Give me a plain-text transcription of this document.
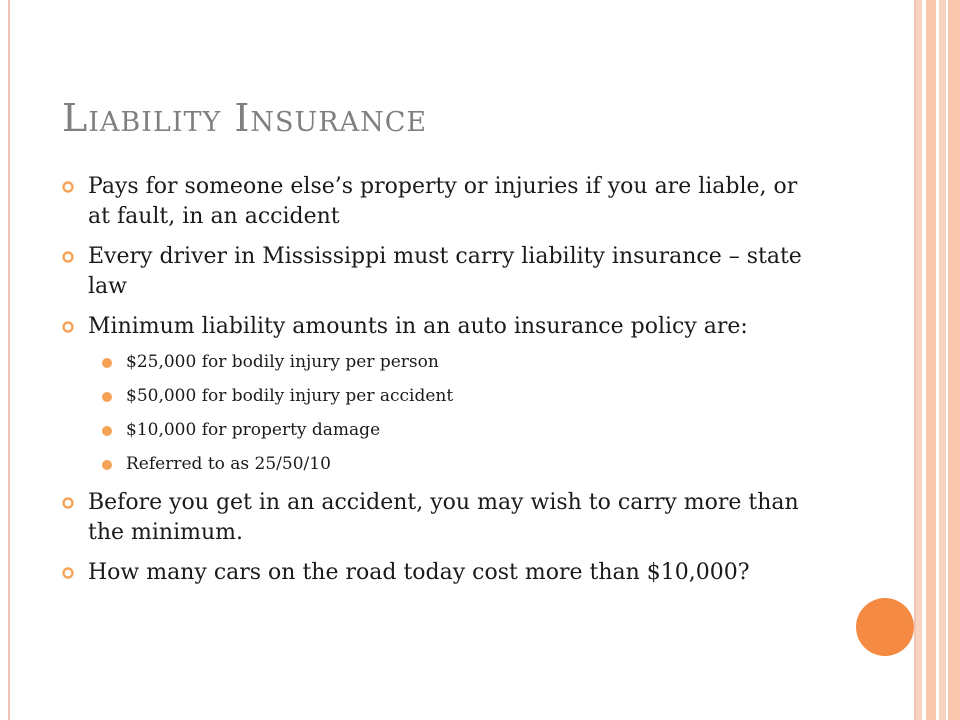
Liability Insurance
Pays for someone else’s property or injuries if you are liable, or at fault, in an accident
Every driver in Mississippi must carry liability insurance – state law
Minimum liability amounts in an auto insurance policy are:
$25,000 for bodily injury per person
$50,000 for bodily injury per accident
$10,000 for property damage
Referred to as 25/50/10
Before you get in an accident, you may wish to carry more than the minimum.
How many cars on the road today cost more than $10,000?
